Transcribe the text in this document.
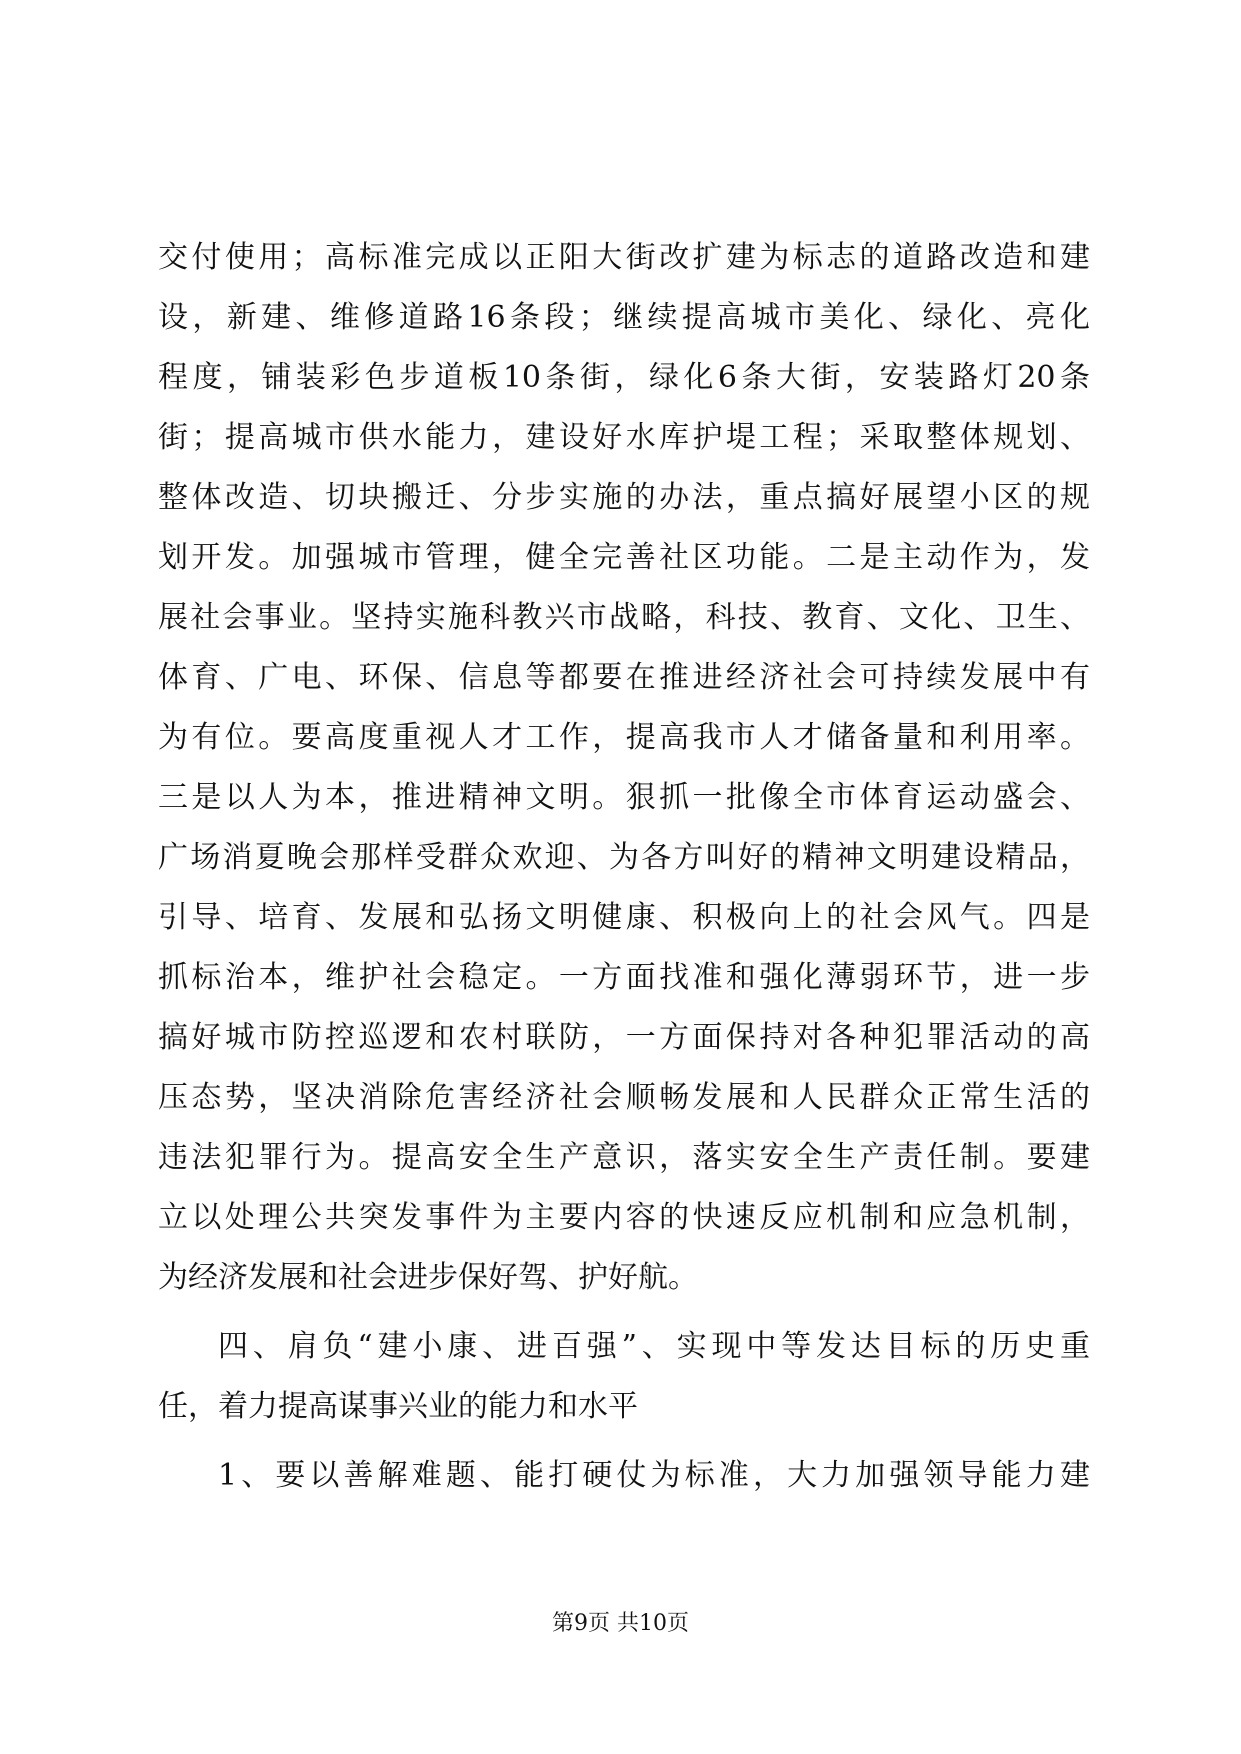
交付使用；高标准完成以正阳大街改扩建为标志的道路改造和建
设，新建、维修道路16条段；继续提高城市美化、绿化、亮化
程度，铺装彩色步道板10条街，绿化6条大街，安装路灯20条
街；提高城市供水能力，建设好水库护堤工程；采取整体规划、
整体改造、切块搬迁、分步实施的办法，重点搞好展望小区的规
划开发。加强城市管理，健全完善社区功能。二是主动作为，发
展社会事业。坚持实施科教兴市战略，科技、教育、文化、卫生、
体育、广电、环保、信息等都要在推进经济社会可持续发展中有
为有位。要高度重视人才工作，提高我市人才储备量和利用率。
三是以人为本，推进精神文明。狠抓一批像全市体育运动盛会、
广场消夏晚会那样受群众欢迎、为各方叫好的精神文明建设精品，
引导、培育、发展和弘扬文明健康、积极向上的社会风气。四是
抓标治本，维护社会稳定。一方面找准和强化薄弱环节，进一步
搞好城市防控巡逻和农村联防，一方面保持对各种犯罪活动的高
压态势，坚决消除危害经济社会顺畅发展和人民群众正常生活的
违法犯罪行为。提高安全生产意识，落实安全生产责任制。要建
立以处理公共突发事件为主要内容的快速反应机制和应急机制，
为经济发展和社会进步保好驾、护好航。
四、肩负“建小康、进百强”、实现中等发达目标的历史重
任，着力提高谋事兴业的能力和水平
1、要以善解难题、能打硬仗为标准，大力加强领导能力建
第9页 共10页
